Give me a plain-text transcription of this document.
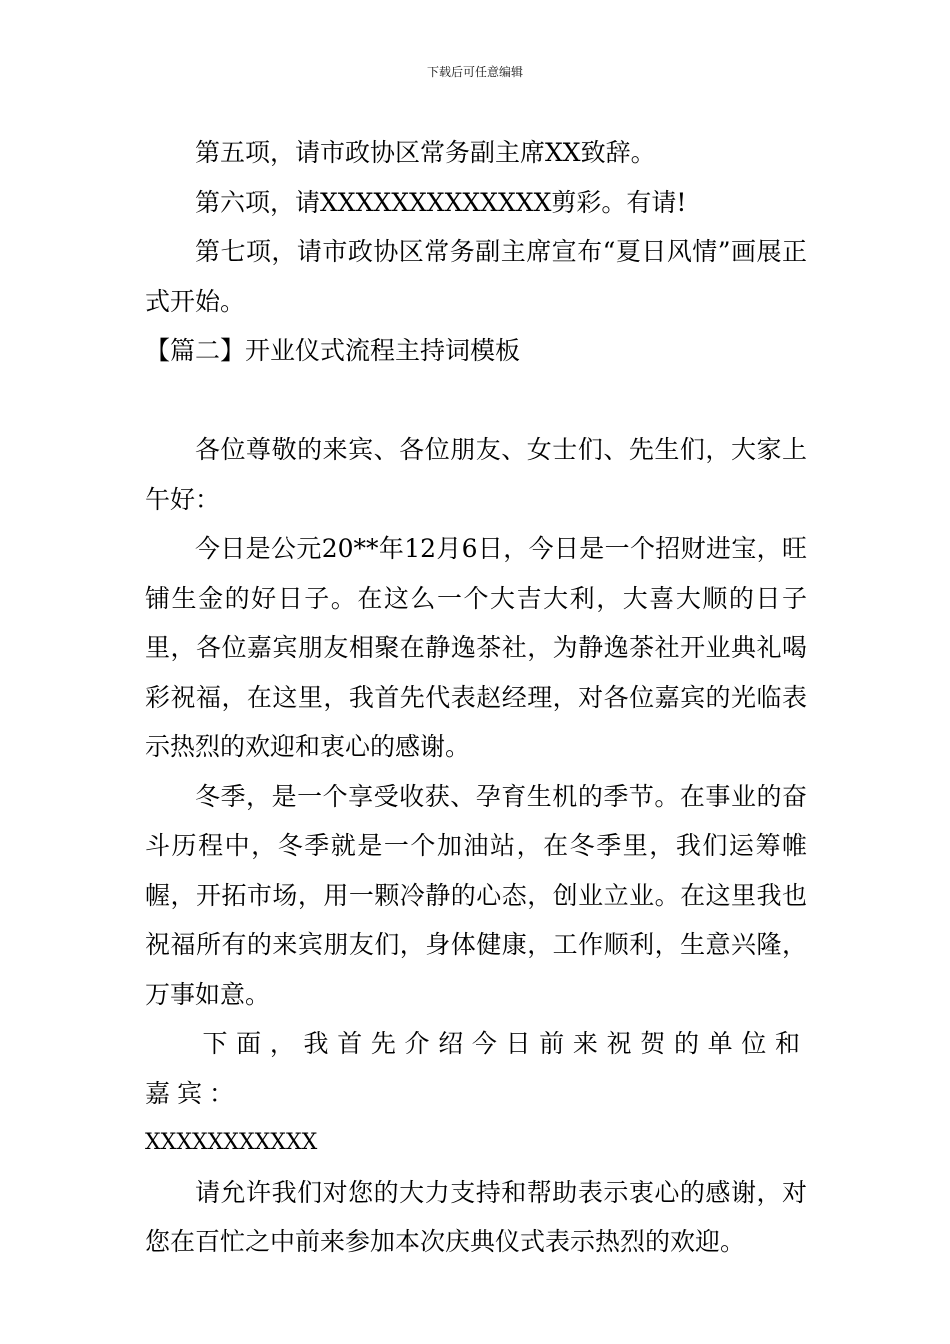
下载后可任意编辑

第五项，请市政协区常务副主席XX致辞。

第六项，请XXXXXXXXXXXXX剪彩。有请!

第七项，请市政协区常务副主席宣布“夏日风情”画展正式开始。

【篇二】开业仪式流程主持词模板

各位尊敬的来宾、各位朋友、女士们、先生们，大家上午好：

今日是公元20**年12月6日，今日是一个招财进宝，旺铺生金的好日子。在这么一个大吉大利，大喜大顺的日子里，各位嘉宾朋友相聚在静逸茶社，为静逸茶社开业典礼喝彩祝福，在这里，我首先代表赵经理，对各位嘉宾的光临表示热烈的欢迎和衷心的感谢。

冬季，是一个享受收获、孕育生机的季节。在事业的奋斗历程中，冬季就是一个加油站，在冬季里，我们运筹帷幄，开拓市场，用一颗冷静的心态，创业立业。在这里我也祝福所有的来宾朋友们，身体健康，工作顺利，生意兴隆，万事如意。

下面，我首先介绍今日前来祝贺的单位和嘉宾：

XXXXXXXXXXX

请允许我们对您的大力支持和帮助表示衷心的感谢，对您在百忙之中前来参加本次庆典仪式表示热烈的欢迎。
